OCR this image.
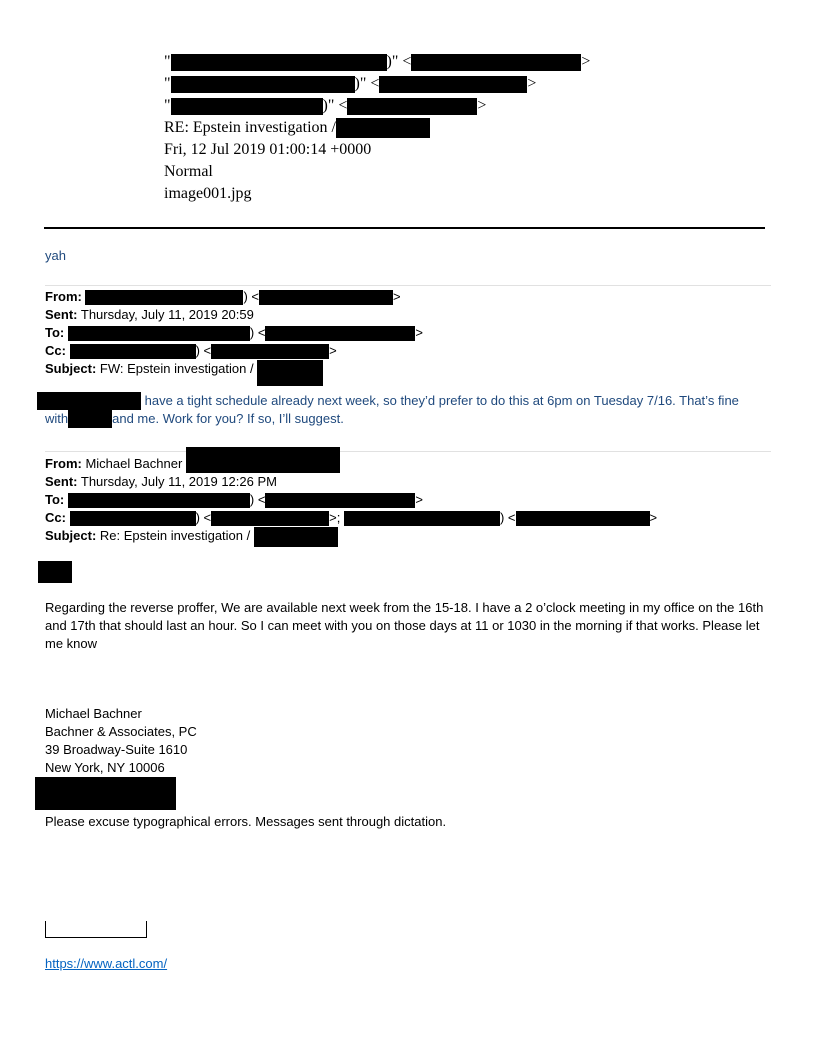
"	)" <	>
"	)" <	>
"	)" <	>
RE: Epstein investigation /
Fri, 12 Jul 2019 01:00:14 +0000
Normal
image001.jpg
yah
From:	) <	>
Sent: Thursday, July 11, 2019 20:59
To:	) <	>
Cc:	) <	>
Subject: FW: Epstein investigation /
have a tight schedule already next week, so they’d prefer to do this at 6pm on Tuesday 7/16. That’s fine
with	and me. Work for you? If so, I’ll suggest.
From: Michael Bachner
Sent: Thursday, July 11, 2019 12:26 PM
To:	) <	>
Cc:	) <	>;	) <	>
Subject: Re: Epstein investigation /
Regarding the reverse proffer, We are available next week from the 15-18. I have a 2 o’clock meeting in my office on the 16th and 17th that should last an hour. So I can meet with you on those days at 11 or 1030 in the morning if that works. Please let me know
Michael Bachner
Bachner & Associates, PC
39 Broadway-Suite 1610
New York, NY 10006
Please excuse typographical errors. Messages sent through dictation.
https://www.actl.com/
